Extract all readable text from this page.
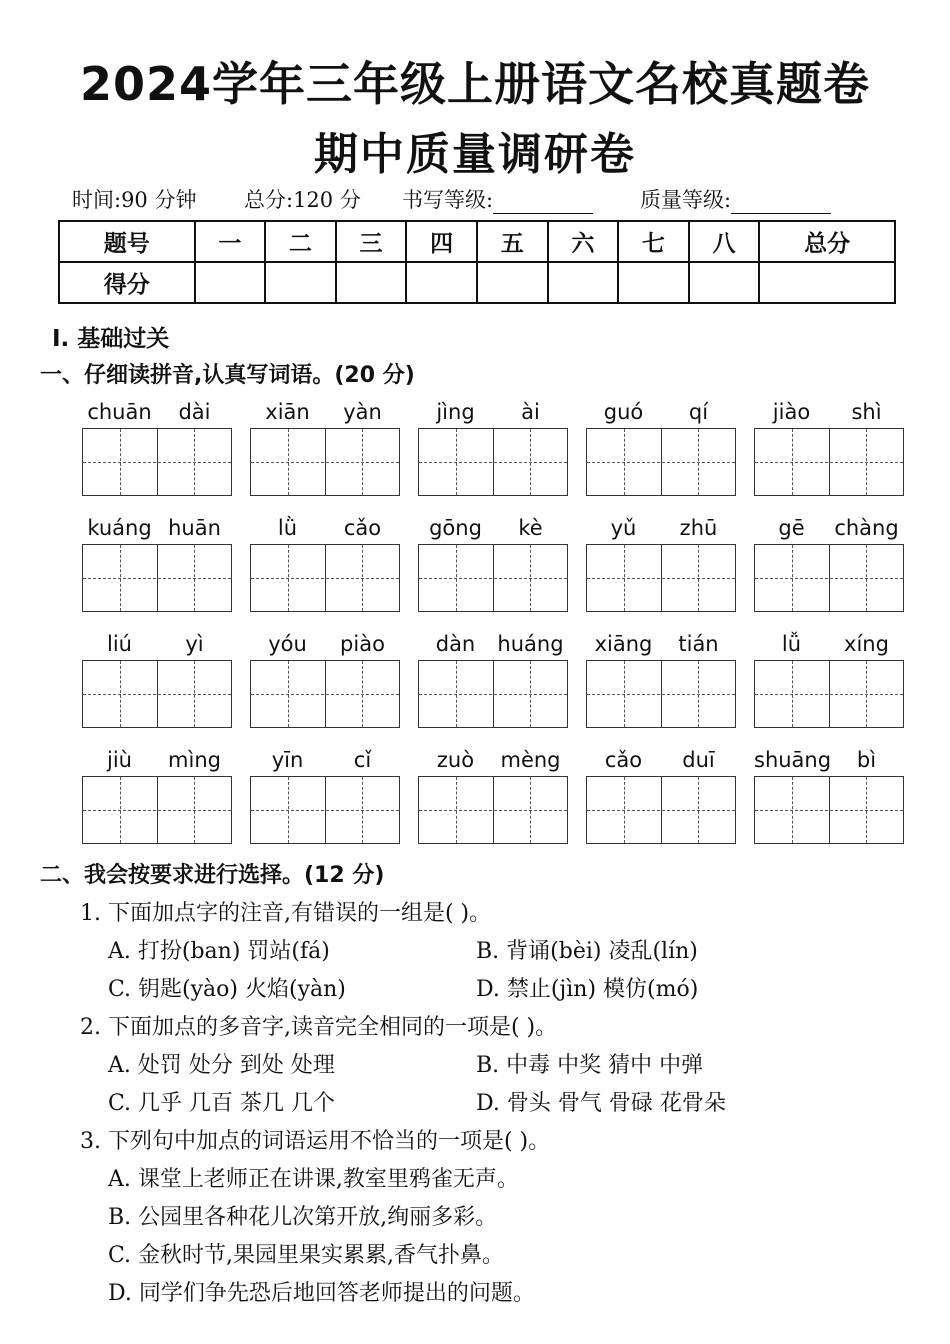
2024学年三年级上册语文名校真题卷
期中质量调研卷
时间:90 分钟 总分:120 分 书写等级:	质量等级:
题号	一	二	三	四	五	六	七	八	总分
得分									
Ⅰ. 基础过关
一、仔细读拼音,认真写词语。(20 分)
chuān	dài	xiān	yàn	jìng	ài	guó	qí	jiào	shì
kuáng huān	lǜ	cǎo	gōng	kè	yǔ	zhū	gē	chàng
liú	yì	yóu	piào	dàn	huáng	xiāng	tián	lǚ	xíng
jiù	mìng	yīn	cǐ	zuò	mèng	cǎo	duī	shuāng	bì
二、我会按要求进行选择。(12 分)
1. 下面加点字的注音,有错误的一组是( )。
A. 打扮(ban) 罚站(fá)	B. 背诵(bèi) 凌乱(lín)
C. 钥匙(yào) 火焰(yàn)	D. 禁止(jìn) 模仿(mó)
2. 下面加点的多音字,读音完全相同的一项是( )。
A. 处罚 处分 到处 处理	B. 中毒 中奖 猜中 中弹
C. 几乎 几百 茶几 几个	D. 骨头 骨气 骨碌 花骨朵
3. 下列句中加点的词语运用不恰当的一项是( )。
A. 课堂上老师正在讲课,教室里鸦雀无声。
B. 公园里各种花儿次第开放,绚丽多彩。
C. 金秋时节,果园里果实累累,香气扑鼻。
D. 同学们争先恐后地回答老师提出的问题。
